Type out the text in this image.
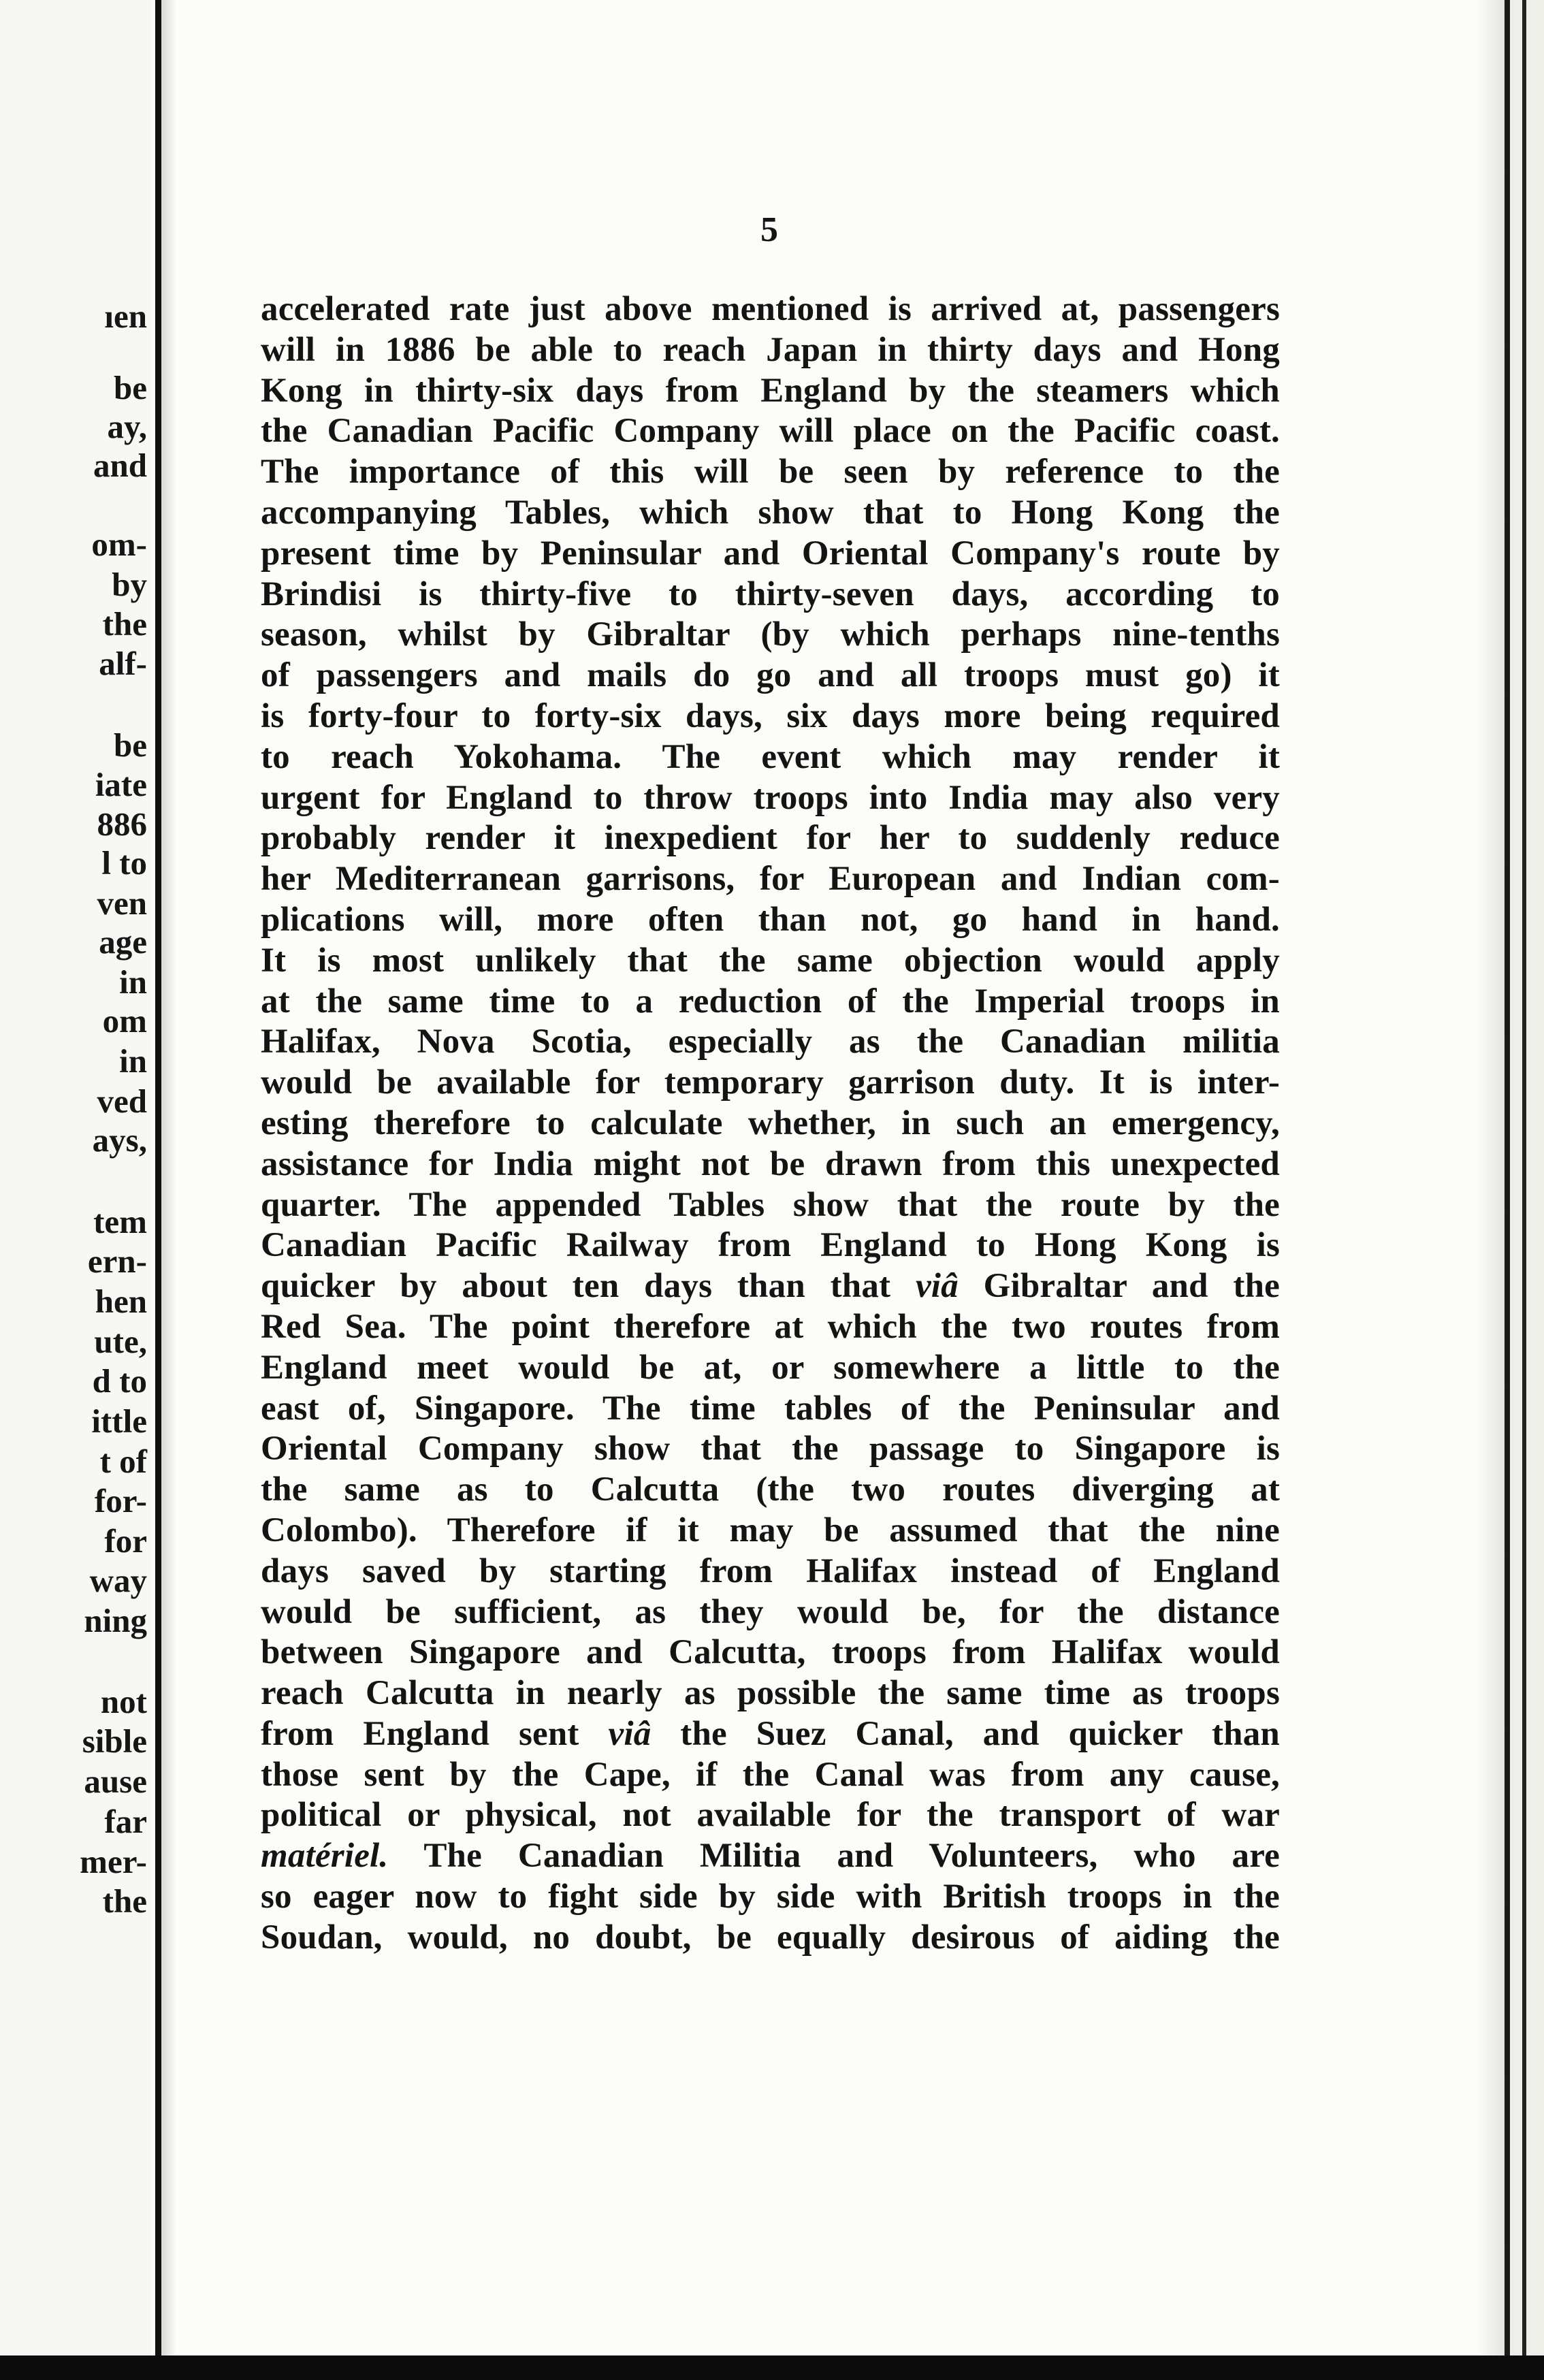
ıen
be
ay,
and
om-
by
the
alf-
be
iate
886
l to
ven
age
in
om
in
ved
ays,
tem
ern-
hen
ute,
d to
ittle
t of
for-
for
way
ning
not
sible
ause
far
mer-
the
5
accelerated rate just above mentioned is arrived at, passengers
will in 1886 be able to reach Japan in thirty days and Hong
Kong in thirty-six days from England by the steamers which
the Canadian Pacific Company will place on the Pacific coast.
The importance of this will be seen by reference to the
accompanying Tables, which show that to Hong Kong the
present time by Peninsular and Oriental Company's route by
Brindisi is thirty-five to thirty-seven days, according to
season, whilst by Gibraltar (by which perhaps nine-tenths
of passengers and mails do go and all troops must go) it
is forty-four to forty-six days, six days more being required
to reach Yokohama. The event which may render it
urgent for England to throw troops into India may also very
probably render it inexpedient for her to suddenly reduce
her Mediterranean garrisons, for European and Indian com-
plications will, more often than not, go hand in hand.
It is most unlikely that the same objection would apply
at the same time to a reduction of the Imperial troops in
Halifax, Nova Scotia, especially as the Canadian militia
would be available for temporary garrison duty. It is inter-
esting therefore to calculate whether, in such an emergency,
assistance for India might not be drawn from this unexpected
quarter. The appended Tables show that the route by the
Canadian Pacific Railway from England to Hong Kong is
quicker by about ten days than that viâ Gibraltar and the
Red Sea. The point therefore at which the two routes from
England meet would be at, or somewhere a little to the
east of, Singapore. The time tables of the Peninsular and
Oriental Company show that the passage to Singapore is
the same as to Calcutta (the two routes diverging at
Colombo). Therefore if it may be assumed that the nine
days saved by starting from Halifax instead of England
would be sufficient, as they would be, for the distance
between Singapore and Calcutta, troops from Halifax would
reach Calcutta in nearly as possible the same time as troops
from England sent viâ the Suez Canal, and quicker than
those sent by the Cape, if the Canal was from any cause,
political or physical, not available for the transport of war
matériel. The Canadian Militia and Volunteers, who are
so eager now to fight side by side with British troops in the
Soudan, would, no doubt, be equally desirous of aiding the
